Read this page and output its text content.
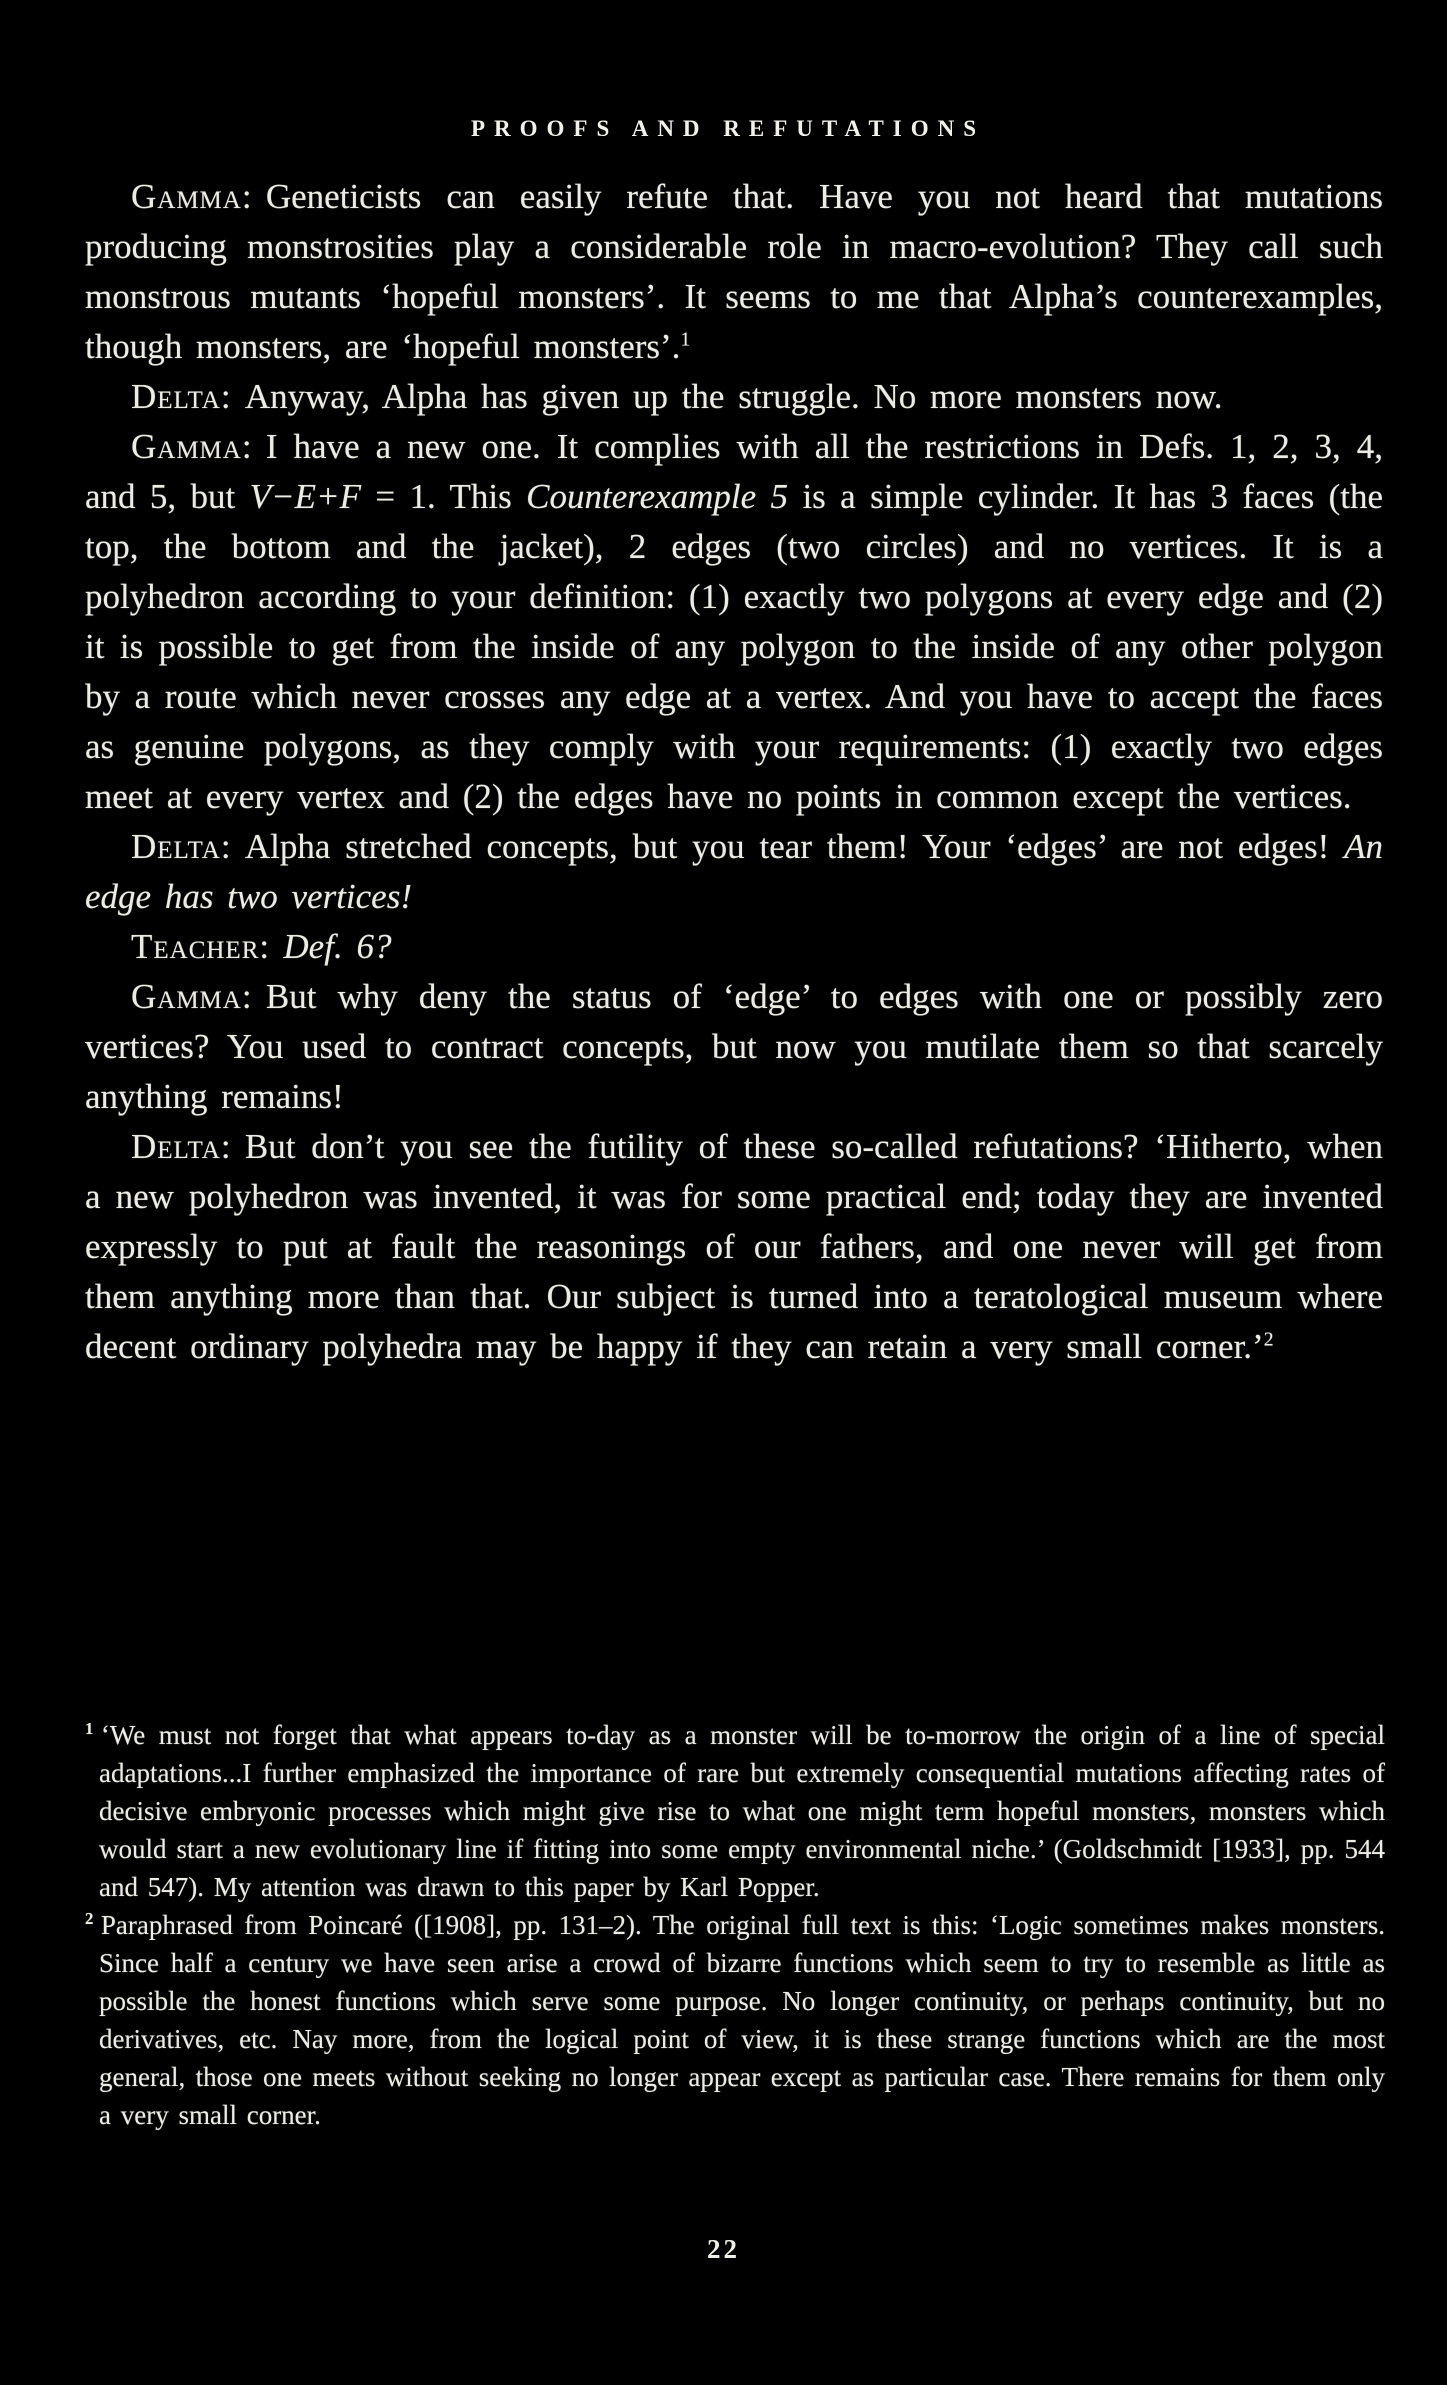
PROOFS AND REFUTATIONS

Gamma: Geneticists can easily refute that. Have you not heard that mutations producing monstrosities play a considerable role in macro-evolution? They call such monstrous mutants ‘hopeful monsters’. It seems to me that Alpha’s counterexamples, though monsters, are ‘hopeful monsters’.$^1$

Delta: Anyway, Alpha has given up the struggle. No more monsters now.

Gamma: I have a new one. It complies with all the restrictions in Defs. 1, 2, 3, 4, and 5, but V−E+F = 1. This Counterexample 5 is a simple cylinder. It has 3 faces (the top, the bottom and the jacket), 2 edges (two circles) and no vertices. It is a polyhedron according to your definition: (1) exactly two polygons at every edge and (2) it is possible to get from the inside of any polygon to the inside of any other polygon by a route which never crosses any edge at a vertex. And you have to accept the faces as genuine polygons, as they comply with your requirements: (1) exactly two edges meet at every vertex and (2) the edges have no points in common except the vertices.

Delta: Alpha stretched concepts, but you tear them! Your ‘edges’ are not edges! An edge has two vertices!

Teacher: Def. 6?

Gamma: But why deny the status of ‘edge’ to edges with one or possibly zero vertices? You used to contract concepts, but now you mutilate them so that scarcely anything remains!

Delta: But don’t you see the futility of these so-called refutations? ‘Hitherto, when a new polyhedron was invented, it was for some practical end; today they are invented expressly to put at fault the reasonings of our fathers, and one never will get from them anything more than that. Our subject is turned into a teratological museum where decent ordinary polyhedra may be happy if they can retain a very small corner.’$^2$

$^1$ ‘We must not forget that what appears to-day as a monster will be to-morrow the origin of a line of special adaptations...I further emphasized the importance of rare but extremely consequential mutations affecting rates of decisive embryonic processes which might give rise to what one might term hopeful monsters, monsters which would start a new evolutionary line if fitting into some empty environmental niche.’ (Goldschmidt [1933], pp. 544 and 547). My attention was drawn to this paper by Karl Popper.

$^2$ Paraphrased from Poincaré ([1908], pp. 131–2). The original full text is this: ‘Logic sometimes makes monsters. Since half a century we have seen arise a crowd of bizarre functions which seem to try to resemble as little as possible the honest functions which serve some purpose. No longer continuity, or perhaps continuity, but no derivatives, etc. Nay more, from the logical point of view, it is these strange functions which are the most general, those one meets without seeking no longer appear except as particular case. There remains for them only a very small corner.

22
